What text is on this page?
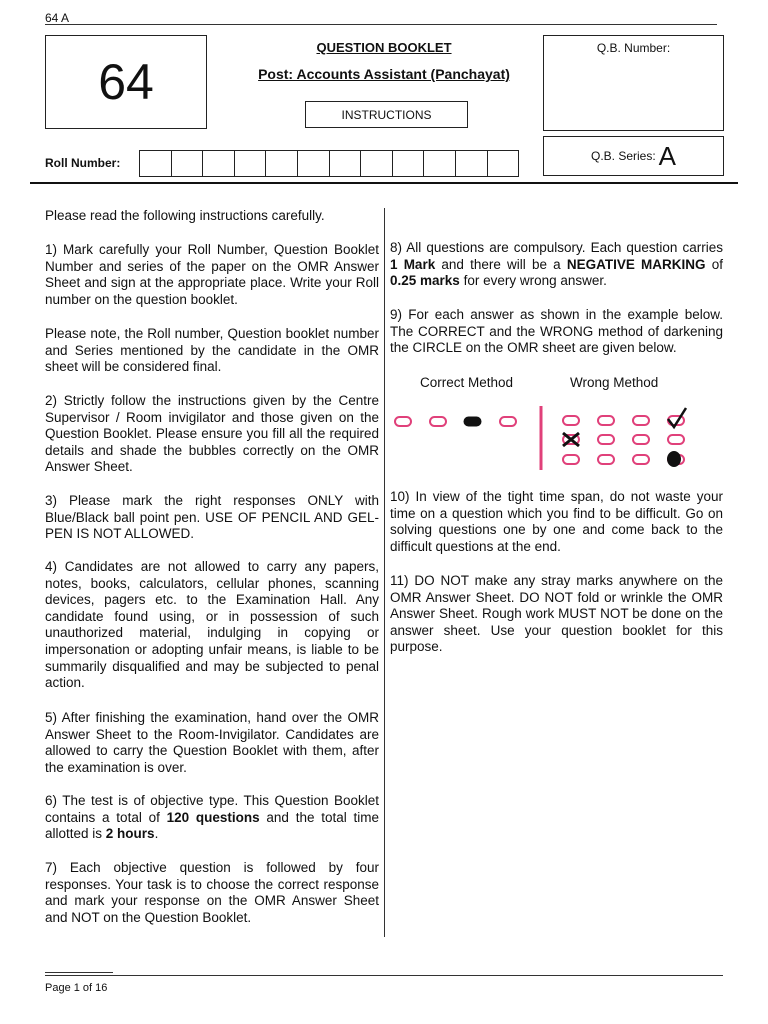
64 A
64
QUESTION BOOKLET
Post: Accounts Assistant (Panchayat)
INSTRUCTIONS
Q.B. Number:
Q.B. Series: A
Roll Number:

Please read the following instructions carefully.

1) Mark carefully your Roll Number, Question Booklet Number and series of the paper on the OMR Answer Sheet and sign at the appropriate place. Write your Roll number on the question booklet.

Please note, the Roll number, Question booklet number and Series mentioned by the candidate in the OMR sheet will be considered final.

2) Strictly follow the instructions given by the Centre Supervisor / Room invigilator and those given on the Question Booklet. Please ensure you fill all the required details and shade the bubbles correctly on the OMR Answer Sheet.

3) Please mark the right responses ONLY with Blue/Black ball point pen. USE OF PENCIL AND GEL-PEN IS NOT ALLOWED.

4) Candidates are not allowed to carry any papers, notes, books, calculators, cellular phones, scanning devices, pagers etc. to the Examination Hall. Any candidate found using, or in possession of such unauthorized material, indulging in copying or impersonation or adopting unfair means, is liable to be summarily disqualified and may be subjected to penal action.

5) After finishing the examination, hand over the OMR Answer Sheet to the Room-Invigilator. Candidates are allowed to carry the Question Booklet with them, after the examination is over.

6) The test is of objective type. This Question Booklet contains a total of 120 questions and the total time allotted is 2 hours.

7) Each objective question is followed by four responses. Your task is to choose the correct response and mark your response on the OMR Answer Sheet and NOT on the Question Booklet.

8) All questions are compulsory. Each question carries 1 Mark and there will be a NEGATIVE MARKING of 0.25 marks for every wrong answer.

9) For each answer as shown in the example below. The CORRECT and the WRONG method of darkening the CIRCLE on the OMR sheet are given below.

10) In view of the tight time span, do not waste your time on a question which you find to be difficult. Go on solving questions one by one and come back to the difficult questions at the end.

11) DO NOT make any stray marks anywhere on the OMR Answer Sheet. DO NOT fold or wrinkle the OMR Answer Sheet. Rough work MUST NOT be done on the answer sheet. Use your question booklet for this purpose.

Correct Method	Wrong Method
Page 1 of 16
